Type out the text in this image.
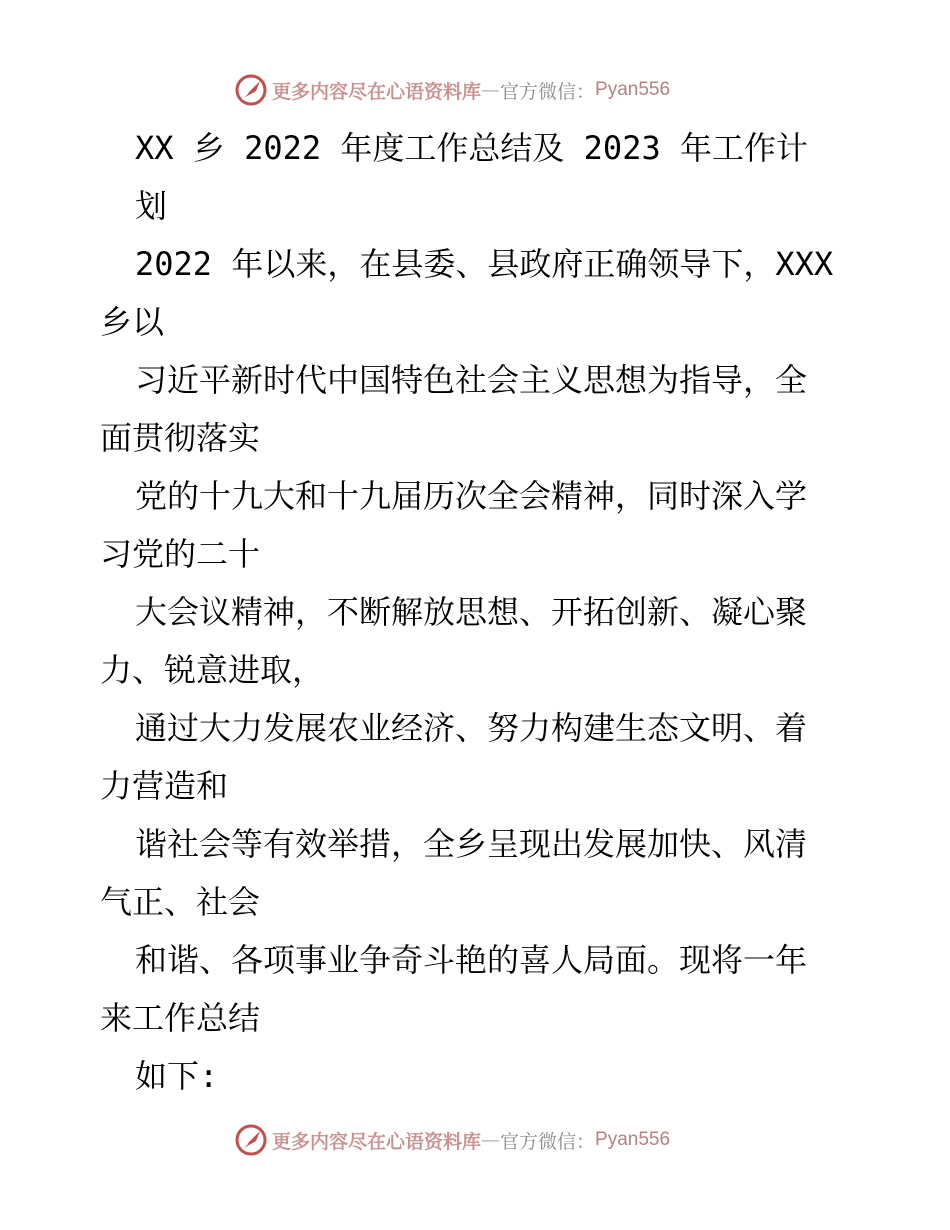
更多内容尽在心语资料库 — 官方微信： Pyan556
XX 乡 2022 年度工作总结及 2023 年工作计
划
2022 年以来，在县委、县政府正确领导下，XXX
乡以
习近平新时代中国特色社会主义思想为指导，全
面贯彻落实
党的十九大和十九届历次全会精神，同时深入学
习党的二十
大会议精神，不断解放思想、开拓创新、凝心聚
力、锐意进取，
通过大力发展农业经济、努力构建生态文明、着
力营造和
谐社会等有效举措，全乡呈现出发展加快、风清
气正、社会
和谐、各项事业争奇斗艳的喜人局面。现将一年
来工作总结
如下:
更多内容尽在心语资料库 — 官方微信： Pyan556
